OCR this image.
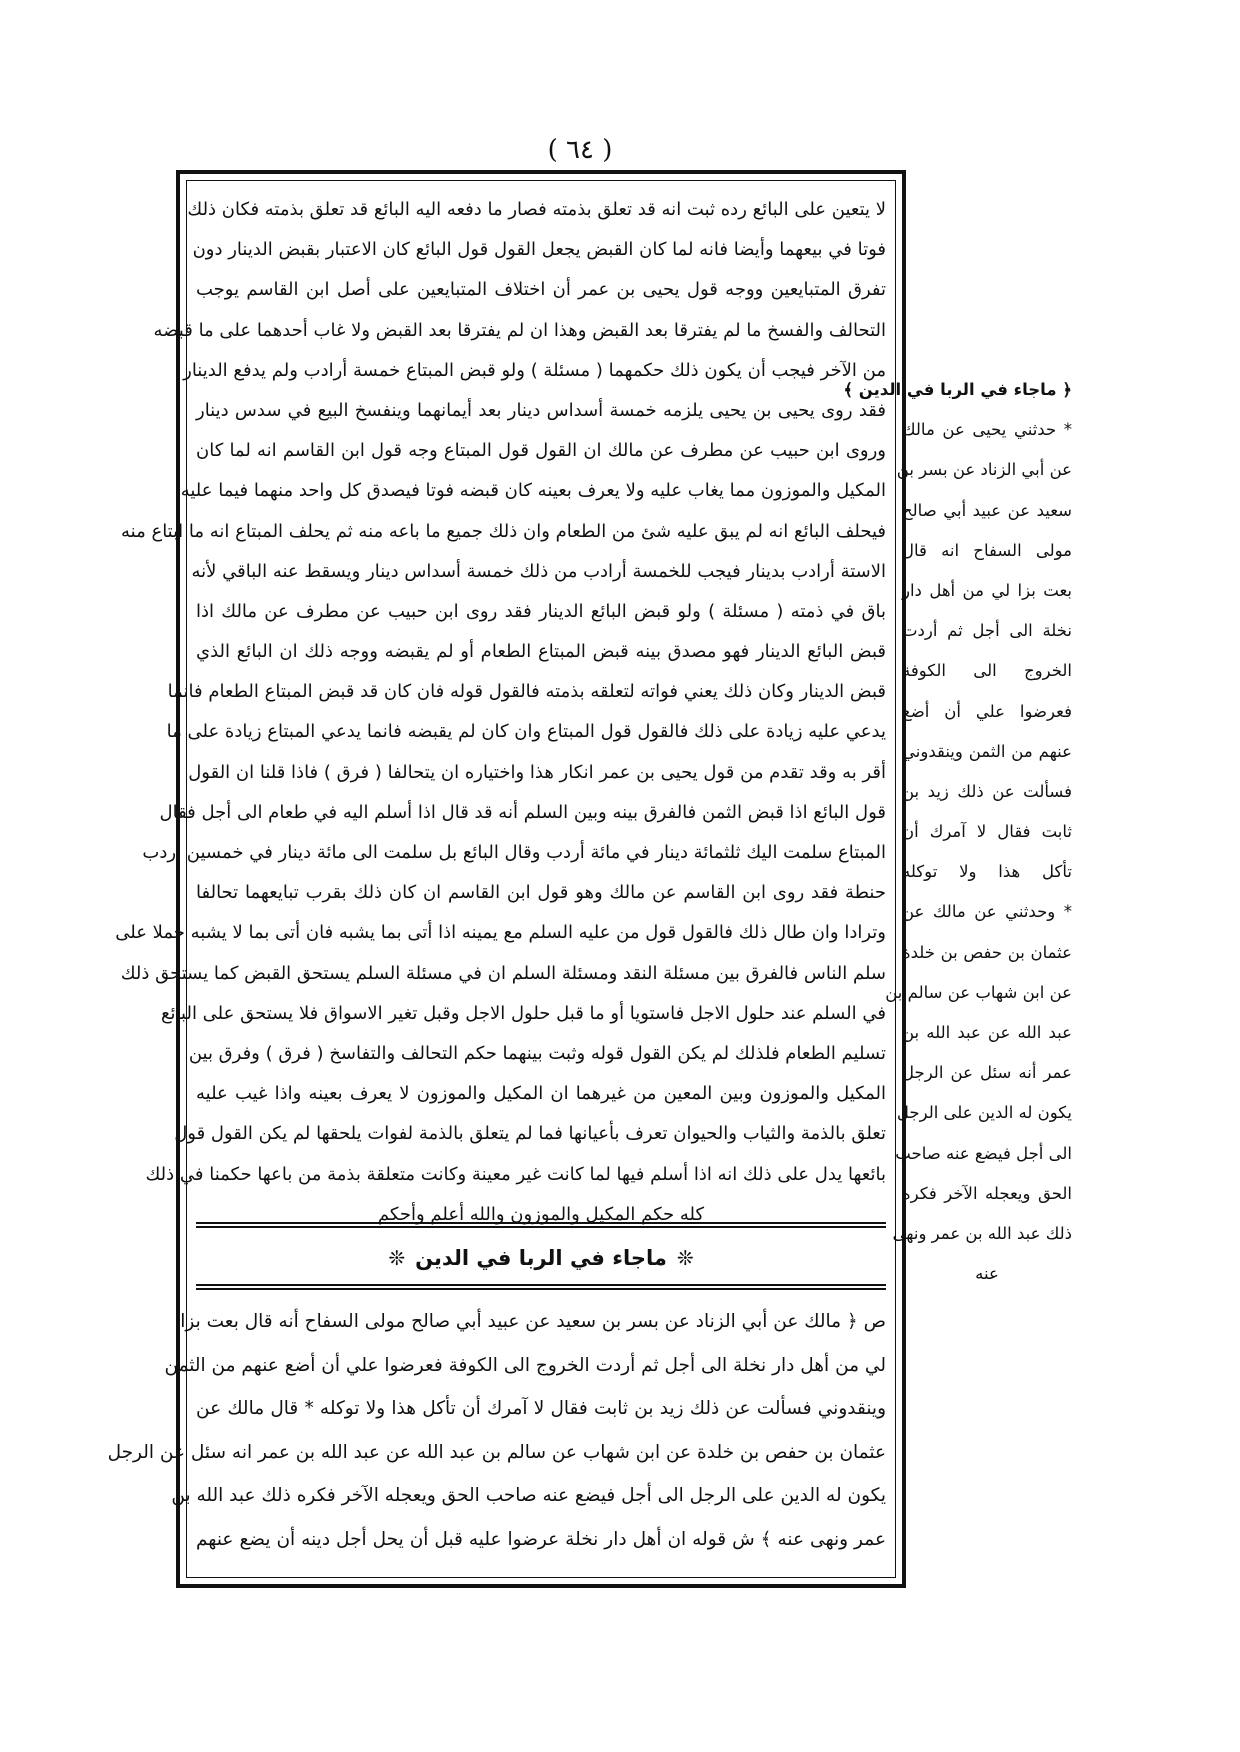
( ٦٤ )
لا يتعين على البائع رده ثبت انه قد تعلق بذمته فصار ما دفعه اليه البائع قد تعلق بذمته فكان ذلك
فوتا في بيعهما وأيضا فانه لما كان القبض يجعل القول قول البائع كان الاعتبار بقبض الدينار دون
تفرق المتبايعين ووجه قول يحيى بن عمر أن اختلاف المتبايعين على أصل ابن القاسم يوجب
التحالف والفسخ ما لم يفترقا بعد القبض وهذا ان لم يفترقا بعد القبض ولا غاب أحدهما على ما قبضه
من الآخر فيجب أن يكون ذلك حكمهما ( مسئلة ) ولو قبض المبتاع خمسة أرادب ولم يدفع الدينار
فقد روى يحيى بن يحيى يلزمه خمسة أسداس دينار بعد أيمانهما وينفسخ البيع في سدس دينار
وروى ابن حبيب عن مطرف عن مالك ان القول قول المبتاع وجه قول ابن القاسم انه لما كان
المكيل والموزون مما يغاب عليه ولا يعرف بعينه كان قبضه فوتا فيصدق كل واحد منهما فيما عليه
فيحلف البائع انه لم يبق عليه شئ من الطعام وان ذلك جميع ما باعه منه ثم يحلف المبتاع انه ما ابتاع منه
الاستة أرادب بدينار فيجب للخمسة أرادب من ذلك خمسة أسداس دينار ويسقط عنه الباقي لأنه
باق في ذمته ( مسئلة ) ولو قبض البائع الدينار فقد روى ابن حبيب عن مطرف عن مالك اذا
قبض البائع الدينار فهو مصدق بينه قبض المبتاع الطعام أو لم يقبضه ووجه ذلك ان البائع الذي
قبض الدينار وكان ذلك يعني فواته لتعلقه بذمته فالقول قوله فان كان قد قبض المبتاع الطعام فانما
يدعي عليه زيادة على ذلك فالقول قول المبتاع وان كان لم يقبضه فانما يدعي المبتاع زيادة على ما
أقر به وقد تقدم من قول يحيى بن عمر انكار هذا واختياره ان يتحالفا ( فرق ) فاذا قلنا ان القول
قول البائع اذا قبض الثمن فالفرق بينه وبين السلم أنه قد قال اذا أسلم اليه في طعام الى أجل فقال
المبتاع سلمت اليك ثلثمائة دينار في مائة أردب وقال البائع بل سلمت الى مائة دينار في خمسين أردب
حنطة فقد روى ابن القاسم عن مالك وهو قول ابن القاسم ان كان ذلك بقرب تبايعهما تحالفا
وترادا وان طال ذلك فالقول قول من عليه السلم مع يمينه اذا أتى بما يشبه فان أتى بما لا يشبه حملا على
سلم الناس فالفرق بين مسئلة النقد ومسئلة السلم ان في مسئلة السلم يستحق القبض كما يستحق ذلك
في السلم عند حلول الاجل فاستويا أو ما قبل حلول الاجل وقبل تغير الاسواق فلا يستحق على البائع
تسليم الطعام فلذلك لم يكن القول قوله وثبت بينهما حكم التحالف والتفاسخ ( فرق ) وفرق بين
المكيل والموزون وبين المعين من غيرهما ان المكيل والموزون لا يعرف بعينه واذا غيب عليه
تعلق بالذمة والثياب والحيوان تعرف بأعيانها فما لم يتعلق بالذمة لفوات يلحقها لم يكن القول قول
بائعها يدل على ذلك انه اذا أسلم فيها لما كانت غير معينة وكانت متعلقة بذمة من باعها حكمنا في ذلك
كله حكم المكيل والموزون والله أعلم وأحكم
❊ماجاء في الربا في الدين❊
ص ﴿ مالك عن أبي الزناد عن بسر بن سعيد عن عبيد أبي صالح مولى السفاح أنه قال بعت بزا
لي من أهل دار نخلة الى أجل ثم أردت الخروج الى الكوفة فعرضوا علي أن أضع عنهم من الثمن
وينقدوني فسألت عن ذلك زيد بن ثابت فقال لا آمرك أن تأكل هذا ولا توكله * قال مالك عن
عثمان بن حفص بن خلدة عن ابن شهاب عن سالم بن عبد الله عن عبد الله بن عمر انه سئل عن الرجل
يكون له الدين على الرجل الى أجل فيضع عنه صاحب الحق ويعجله الآخر فكره ذلك عبد الله بن
عمر ونهى عنه ﴾ ش قوله ان أهل دار نخلة عرضوا عليه قبل أن يحل أجل دينه أن يضع عنهم
﴿ ماجاء في الربا في الدين ﴾
* حدثني يحيى عن مالك
عن أبي الزناد عن بسر بن
سعيد عن عبيد أبي صالح
مولى السفاح انه قال
بعت بزا لي من أهل دار
نخلة الى أجل ثم أردت
الخروج الى الكوفة
فعرضوا علي أن أضع
عنهم من الثمن وينقدوني
فسألت عن ذلك زيد بن
ثابت فقال لا آمرك أن
تأكل هذا ولا توكله
* وحدثني عن مالك عن
عثمان بن حفص بن خلدة
عن ابن شهاب عن سالم بن
عبد الله عن عبد الله بن
عمر أنه سئل عن الرجل
يكون له الدين على الرجل
الى أجل فيضع عنه صاحب
الحق ويعجله الآخر فكره
ذلك عبد الله بن عمر ونهى
عنه
